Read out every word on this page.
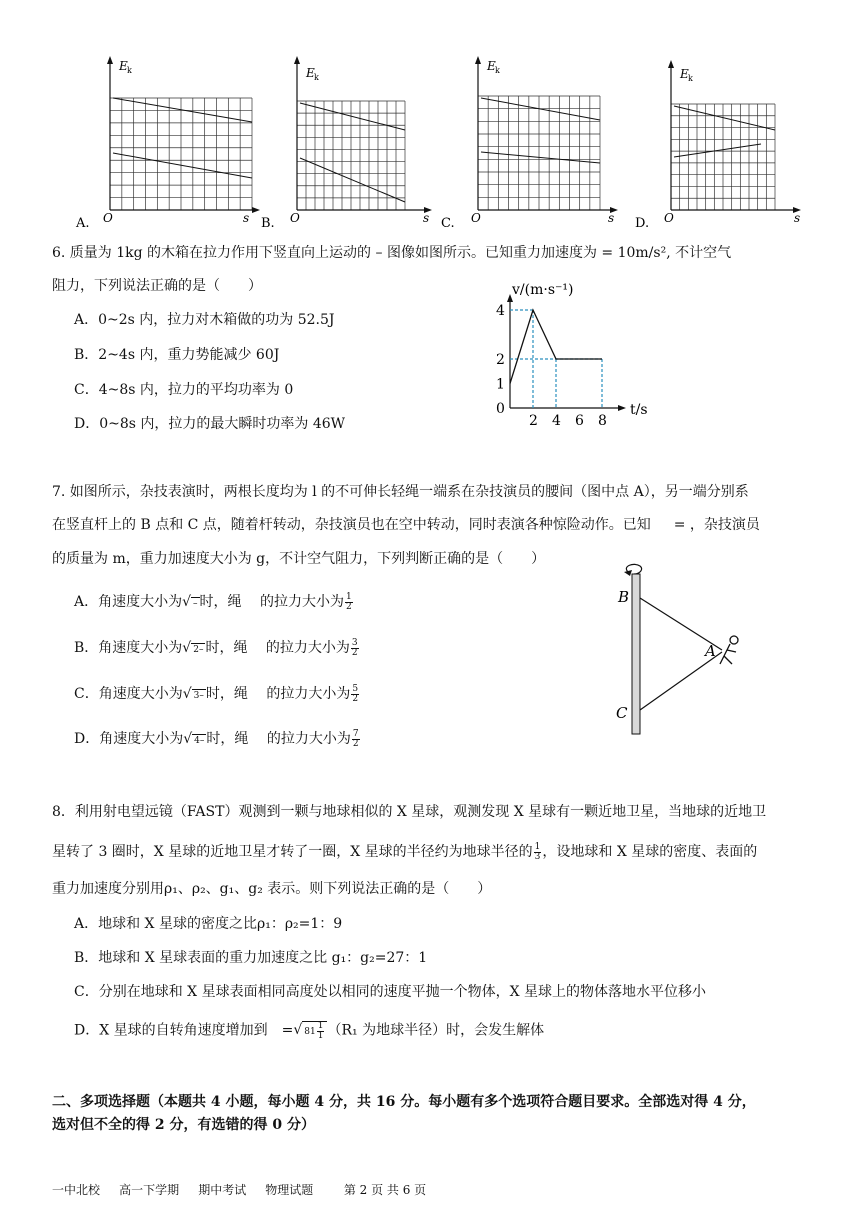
E k
O	s
A.
E k
O	s
B.
E k
O	s
C.
E k
O	s
D.
6. 质量为 1kg 的木箱在拉力作用下竖直向上运动的 – 图像如图所示。已知重力加速度为 = 10m/s², 不计空气
阻力，下列说法正确的是（　　）
A．0~2s 内，拉力对木箱做的功为 52.5J
B．2~4s 内，重力势能减少 60J
C．4~8s 内，拉力的平均功率为 0
D．0~8s 内，拉力的最大瞬时功率为 46W	2 4 6 8
0
1
2
4
v/(m·s⁻¹)
t/s
7. 如图所示，杂技表演时，两根长度均为 l 的不可伸长轻绳一端系在杂技演员的腰间（图中点 A），另一端分别系
在竖直杆上的 B 点和 C 点，随着杆转动，杂技演员也在空中转动，同时表演各种惊险动作。已知 　 = ，杂技演员
的质量为 m，重力加速度大小为 g，不计空气阻力，下列判断正确的是（　　）
A．角速度大小为√ – 时，绳　 的拉力大小为 $\frac{1}{2}$
B．角速度大小为√ 2– 时，绳　 的拉力大小为 $\frac{3}{2}$
C．角速度大小为√ 3– 时，绳　 的拉力大小为 $\frac{5}{2}$
D．角速度大小为√ 4– 时，绳　 的拉力大小为 $\frac{7}{2}$
B
A
C
8．利用射电望远镜（FAST）观测到一颗与地球相似的 X 星球，观测发现 X 星球有一颗近地卫星，当地球的近地卫
星转了 3 圈时，X 星球的近地卫星才转了一圈，X 星球的半径约为地球半径的 $\frac{1}{3}$ ，设地球和 X 星球的密度、表面的
重力加速度分别用ρ₁、ρ₂、g₁、g₂ 表示。则下列说法正确的是（　　）
A．地球和 X 星球的密度之比ρ₁：ρ₂=1：9
B．地球和 X 星球表面的重力加速度之比 g₁：g₂=27：1
C．分别在地球和 X 星球表面相同高度处以相同的速度平抛一个物体，X 星球上的物体落地水平位移小
D．X 星球的自转角速度增加到　=√ $81 \frac{1}{1} (R_1$ 为地球半径）时，会发生解体
二、多项选择题（本题共 4 小题，每小题 4 分，共 16 分。每小题有多个选项符合题目要求。全部选对得 4 分，
选对但不全的得 2 分，有选错的得 0 分）
一中北校 高一下学期 期中考试 物理试题	第 2 页 共 6 页
